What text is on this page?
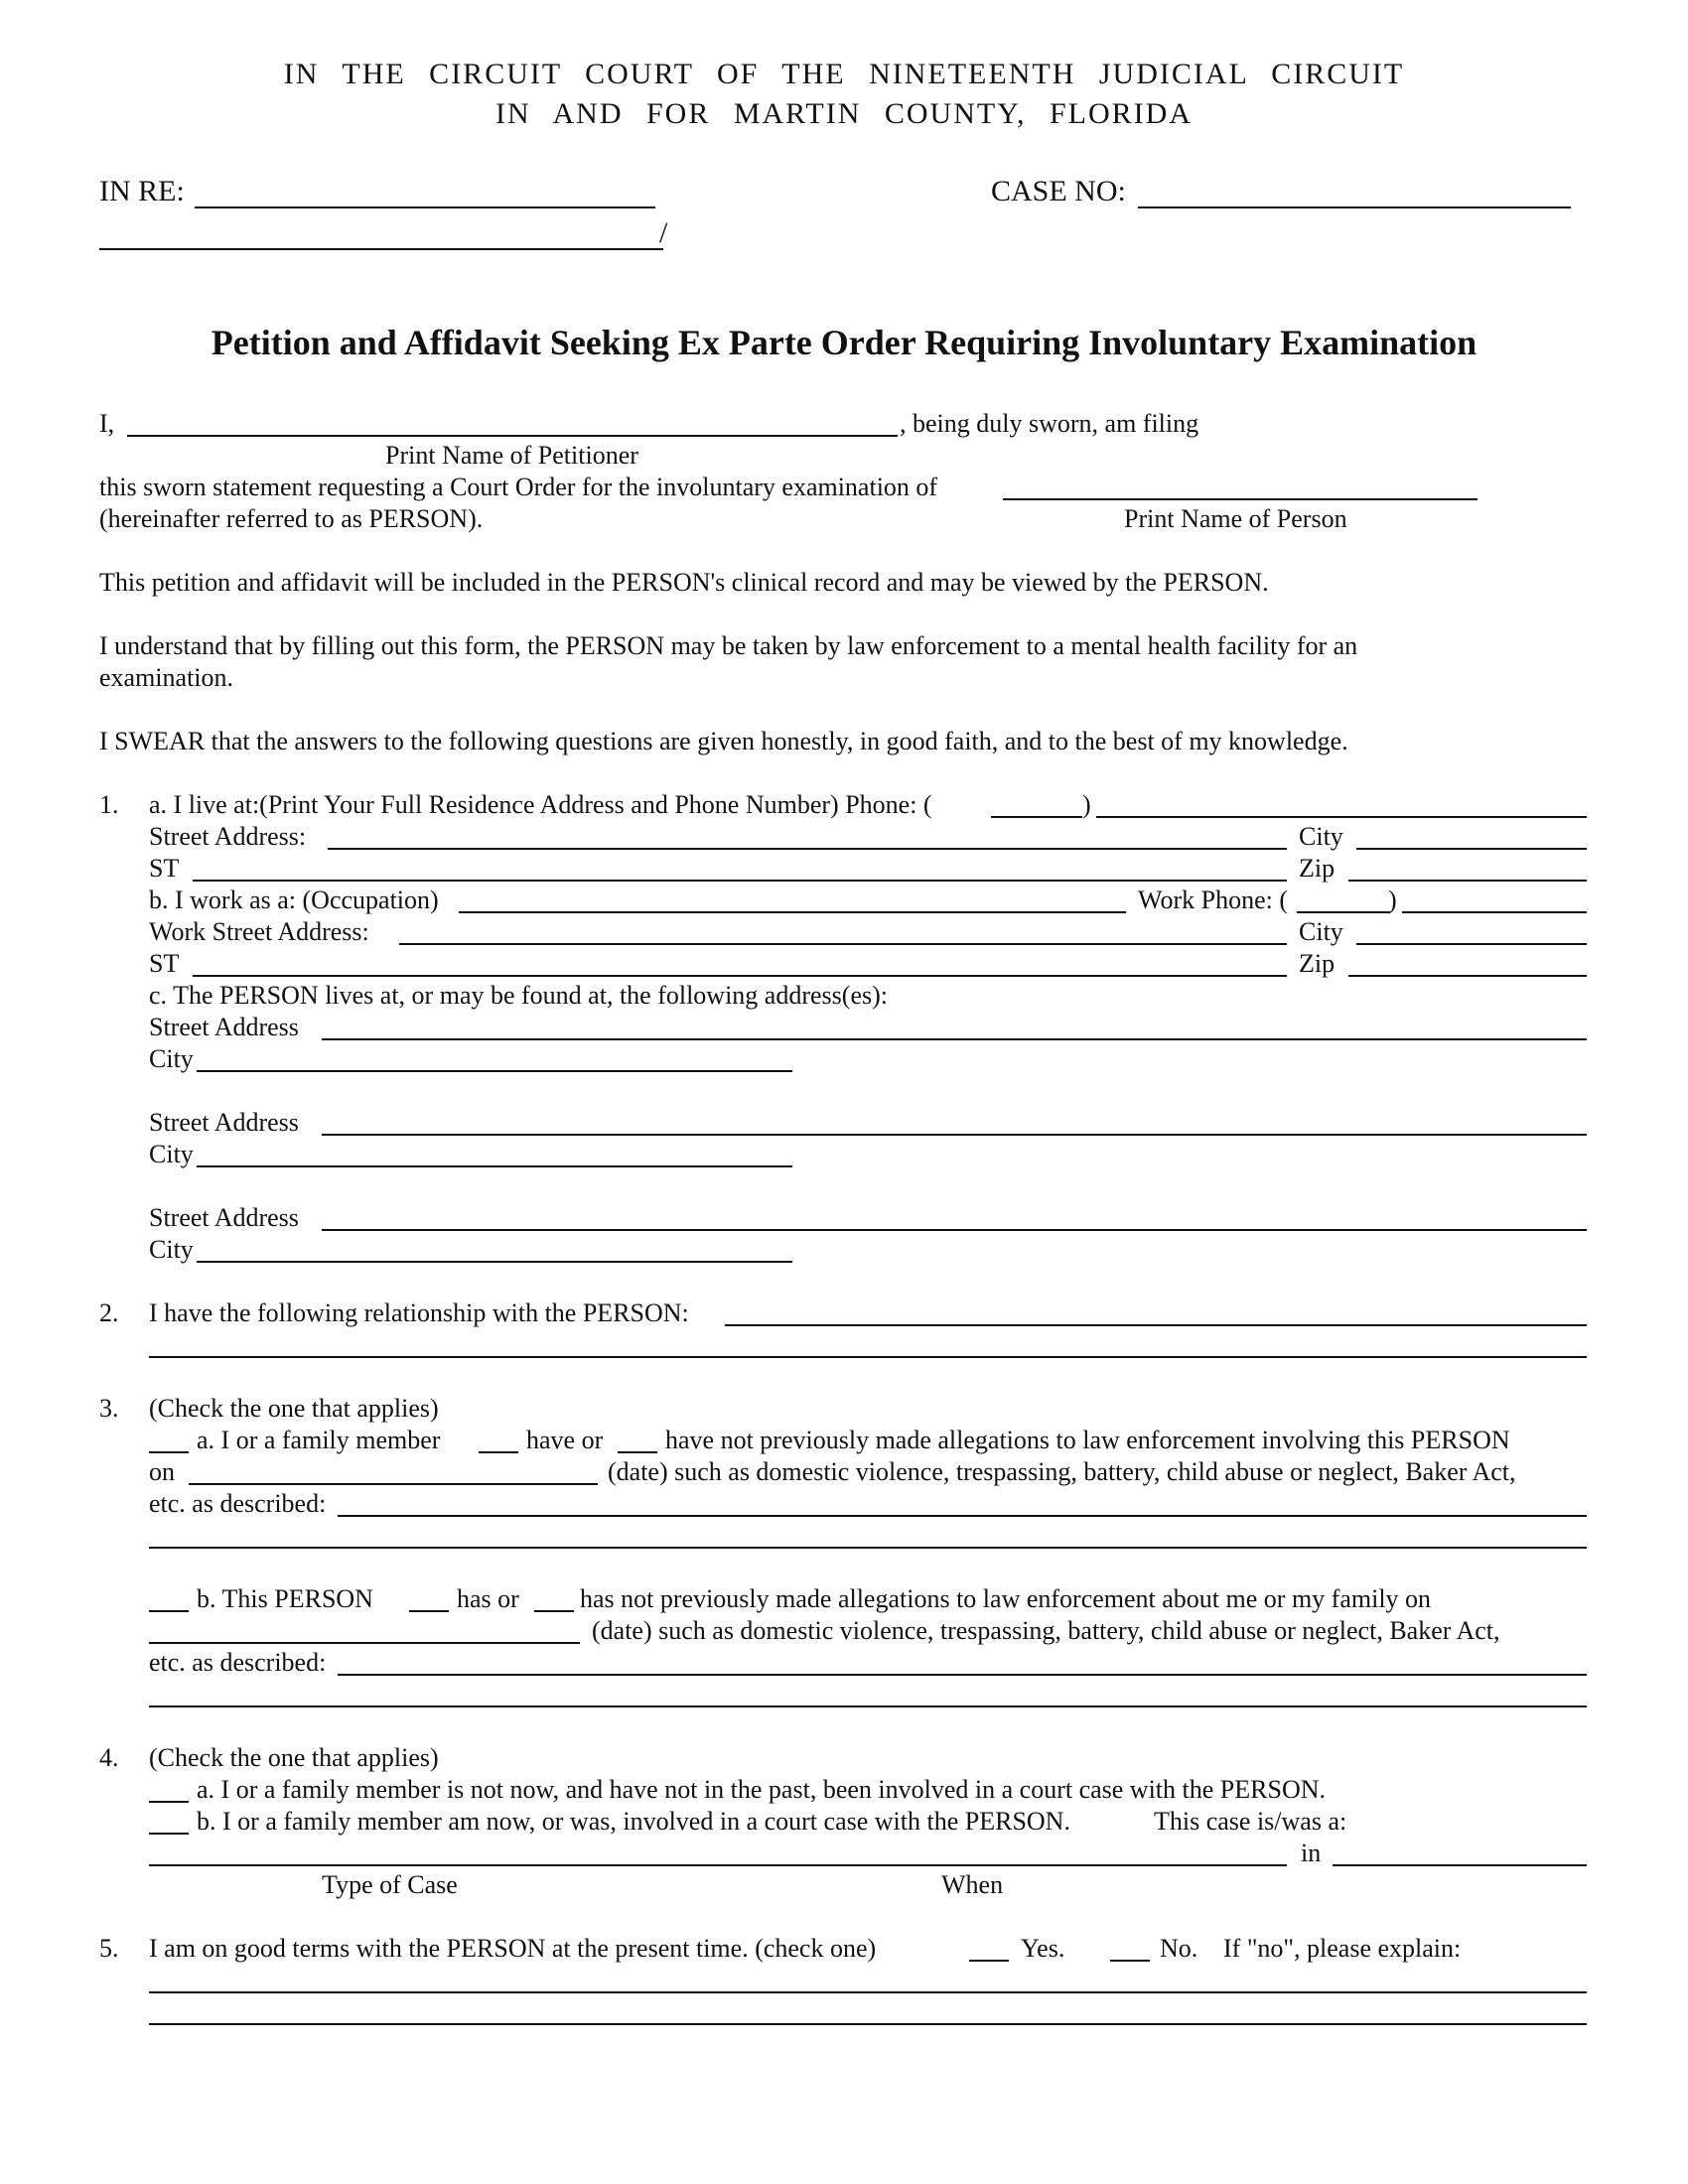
IN THE CIRCUIT COURT OF THE NINETEENTH JUDICIAL CIRCUIT
IN AND FOR MARTIN COUNTY, FLORIDA
IN RE:
/
CASE NO:
Petition and Affidavit Seeking Ex Parte Order Requiring Involuntary Examination
I,	, being duly sworn, am filing
Print Name of Petitioner
this sworn statement requesting a Court Order for the involuntary examination of
(hereinafter referred to as PERSON).	Print Name of Person
This petition and affidavit will be included in the PERSON's clinical record and may be viewed by the PERSON.
I understand that by filling out this form, the PERSON may be taken by law enforcement to a mental health facility for an
examination.
I SWEAR that the answers to the following questions are given honestly, in good faith, and to the best of my knowledge.
1. a. I live at:(Print Your Full Residence Address and Phone Number) Phone: (	)
Street Address:	City
ST	Zip
b. I work as a: (Occupation)	Work Phone: (	)
Work Street Address:	City
ST	Zip
c. The PERSON lives at, or may be found at, the following address(es):
Street Address
City
Street Address
City
Street Address
City
2. I have the following relationship with the PERSON:
3. (Check the one that applies)
a. I or a family member	have or have not previously made allegations to law enforcement involving this PERSON
on	(date) such as domestic violence, trespassing, battery, child abuse or neglect, Baker Act,
etc. as described:
b. This PERSON	has or has not previously made allegations to law enforcement about me or my family on
(date) such as domestic violence, trespassing, battery, child abuse or neglect, Baker Act,
etc. as described:
4. (Check the one that applies)
a. I or a family member is not now, and have not in the past, been involved in a court case with the PERSON.
b. I or a family member am now, or was, involved in a court case with the PERSON.	This case is/was a:
in
Type of Case	When
5. I am on good terms with the PERSON at the present time. (check one)	Yes.	No. If "no", please explain:
